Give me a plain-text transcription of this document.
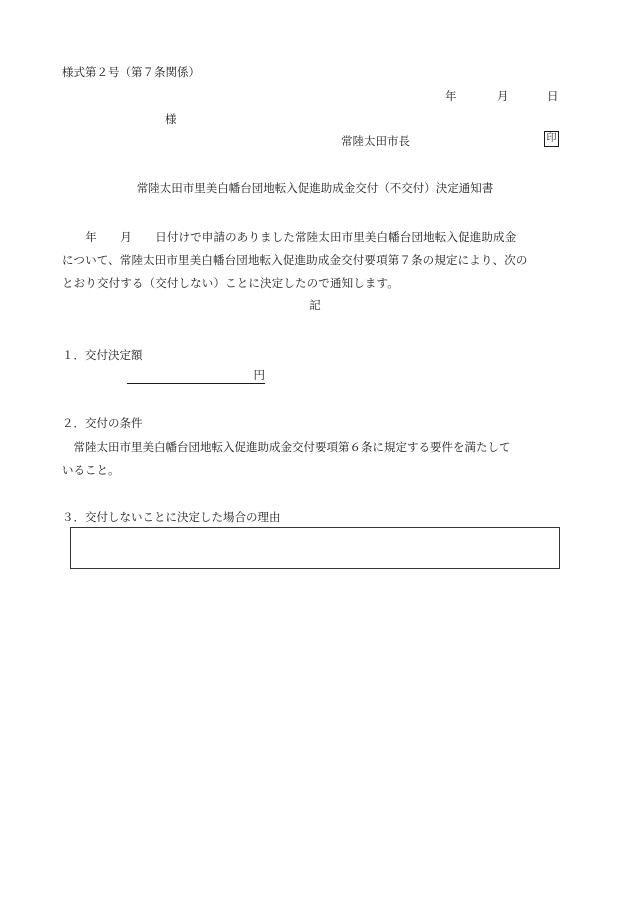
様式第２号（第７条関係）
年	月	日
様
常陸太田市長	印
常陸太田市里美白幡台団地転入促進助成金交付（不交付）決定通知書

　　年　　月　　日付けで申請のありました常陸太田市里美白幡台団地転入促進助成金
について、常陸太田市里美白幡台団地転入促進助成金交付要項第７条の規定により、次の
とおり交付する（交付しない）ことに決定したので通知します。

記
１．交付決定額
円
２．交付の条件

　常陸太田市里美白幡台団地転入促進助成金交付要項第６条に規定する要件を満たして
いること。

３．交付しないことに決定した場合の理由
